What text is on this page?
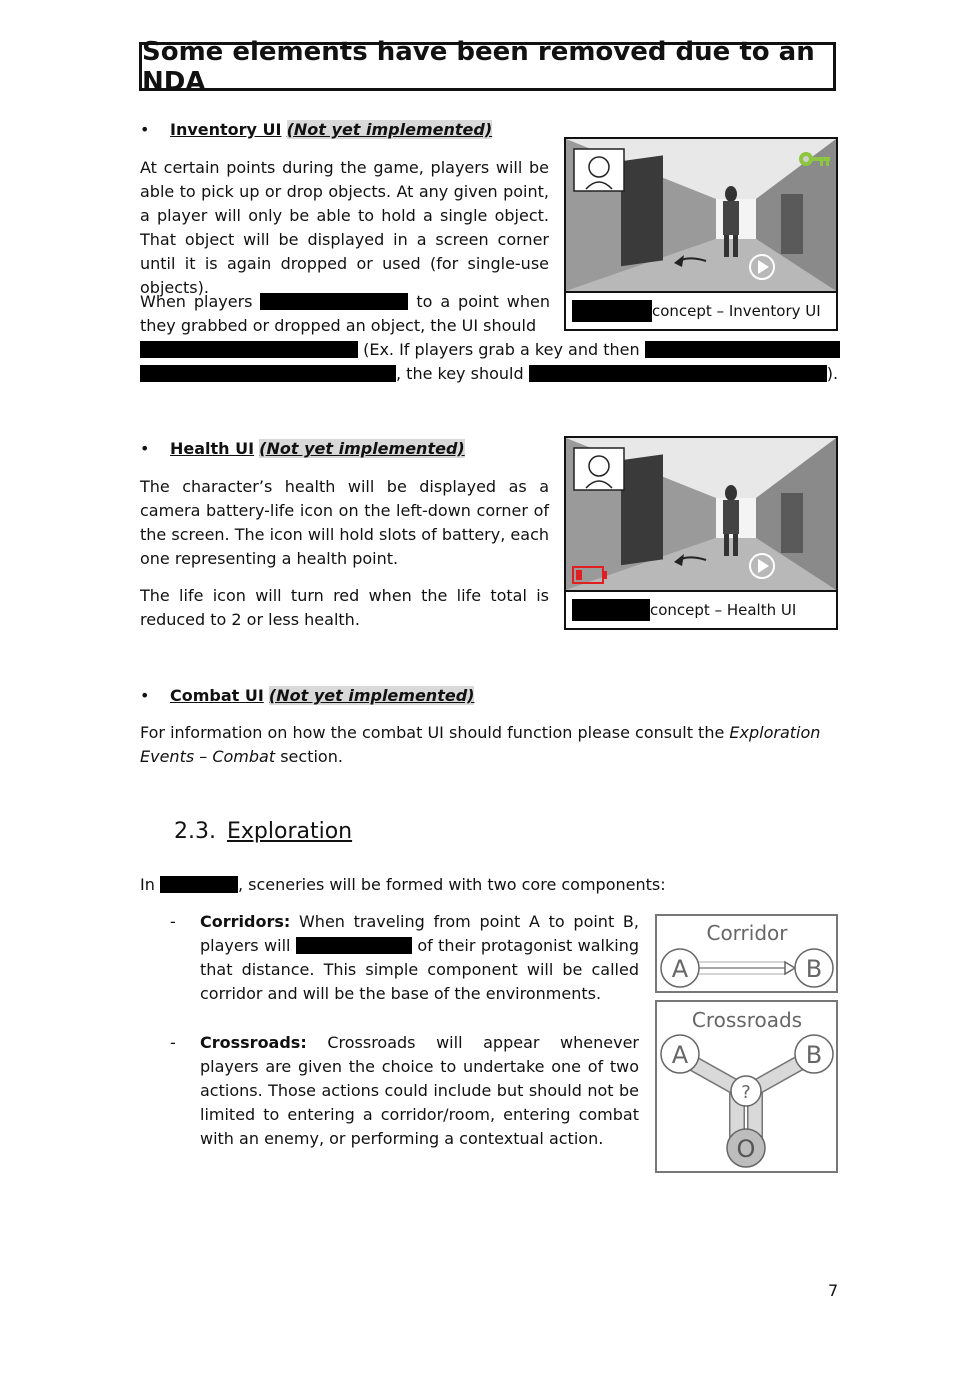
Some elements have been removed due to an NDA
• Inventory UI (Not yet implemented)
At certain points during the game, players will be able to pick up or drop objects. At any given point, a player will only be able to hold a single object. That object will be displayed in a screen corner until it is again dropped or used (for single-use objects).
When players	to a point when they grabbed or dropped an object, the UI should
(Ex. If players grab a key and then
, the key should	).
concept – Inventory UI
• Health UI (Not yet implemented)
The character’s health will be displayed as a camera battery-life icon on the left-down corner of the screen. The icon will hold slots of battery, each one representing a health point.
The life icon will turn red when the life total is reduced to 2 or less health.	concept – Health UI
• Combat UI (Not yet implemented)
For information on how the combat UI should function please consult the Exploration Events – Combat section.
2.3. Exploration
In	, sceneries will be formed with two core components:
- Corridors: When traveling from point A to point B, players will	of their protagonist walking that distance. This simple component will be called corridor and will be the base of the environments.
- Crossroads: Crossroads will appear whenever players are given the choice to undertake one of two actions. Those actions could include but should not be limited to entering a corridor/room, entering combat with an enemy, or performing a contextual action.
Corridor
A	B
Crossroads
A	B
?
O
7
